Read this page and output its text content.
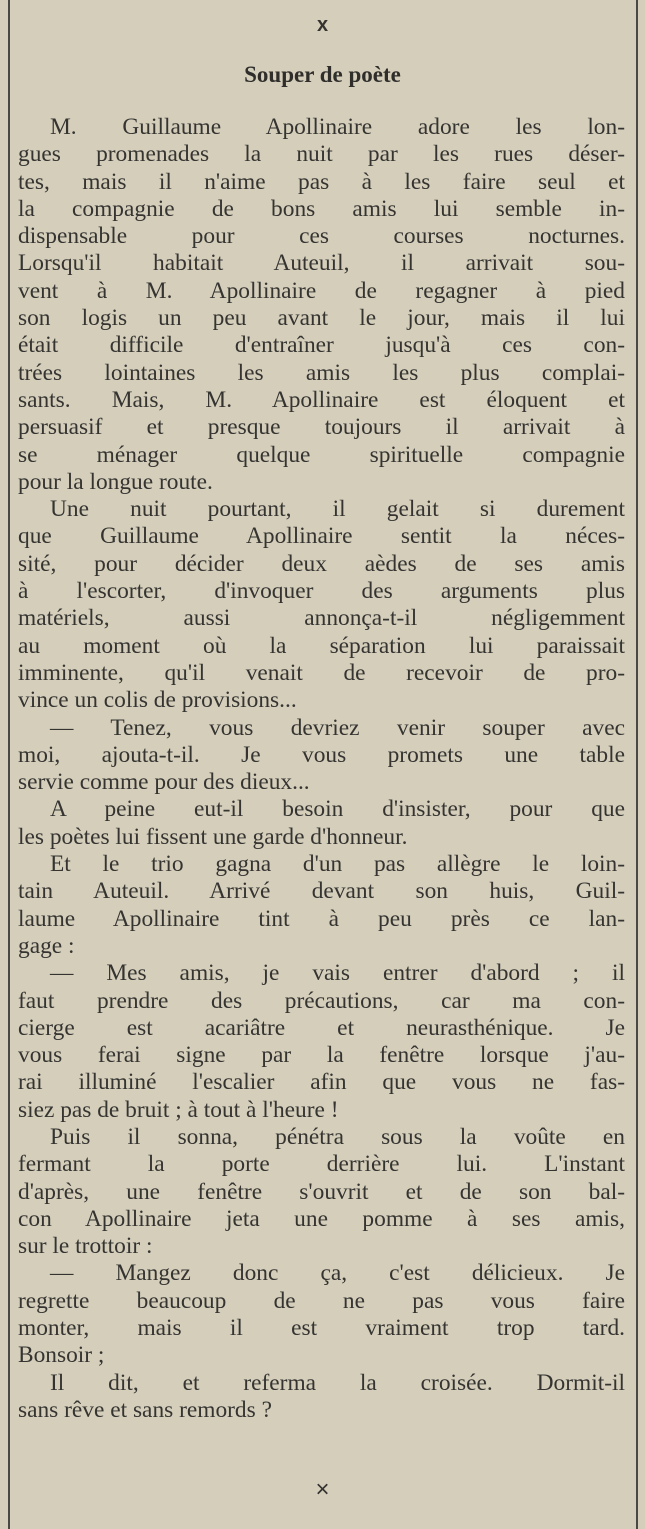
x
Souper de poète
M. Guillaume Apollinaire adore les lon-
gues promenades la nuit par les rues déser-
tes, mais il n'aime pas à les faire seul et
la compagnie de bons amis lui semble in-
dispensable pour ces courses nocturnes.
Lorsqu'il habitait Auteuil, il arrivait sou-
vent à M. Apollinaire de regagner à pied
son logis un peu avant le jour, mais il lui
était difficile d'entraîner jusqu'à ces con-
trées lointaines les amis les plus complai-
sants. Mais, M. Apollinaire est éloquent et
persuasif et presque toujours il arrivait à
se ménager quelque spirituelle compagnie
pour la longue route.
Une nuit pourtant, il gelait si durement
que Guillaume Apollinaire sentit la néces-
sité, pour décider deux aèdes de ses amis
à l'escorter, d'invoquer des arguments plus
matériels, aussi annonça-t-il négligemment
au moment où la séparation lui paraissait
imminente, qu'il venait de recevoir de pro-
vince un colis de provisions...
— Tenez, vous devriez venir souper avec
moi, ajouta-t-il. Je vous promets une table
servie comme pour des dieux...
A peine eut-il besoin d'insister, pour que
les poètes lui fissent une garde d'honneur.
Et le trio gagna d'un pas allègre le loin-
tain Auteuil. Arrivé devant son huis, Guil-
laume Apollinaire tint à peu près ce lan-
gage :
— Mes amis, je vais entrer d'abord ; il
faut prendre des précautions, car ma con-
cierge est acariâtre et neurasthénique. Je
vous ferai signe par la fenêtre lorsque j'au-
rai illuminé l'escalier afin que vous ne fas-
siez pas de bruit ; à tout à l'heure !
Puis il sonna, pénétra sous la voûte en
fermant la porte derrière lui. L'instant
d'après, une fenêtre s'ouvrit et de son bal-
con Apollinaire jeta une pomme à ses amis,
sur le trottoir :
— Mangez donc ça, c'est délicieux. Je
regrette beaucoup de ne pas vous faire
monter, mais il est vraiment trop tard.
Bonsoir ;
Il dit, et referma la croisée. Dormit-il
sans rêve et sans remords ?
×
